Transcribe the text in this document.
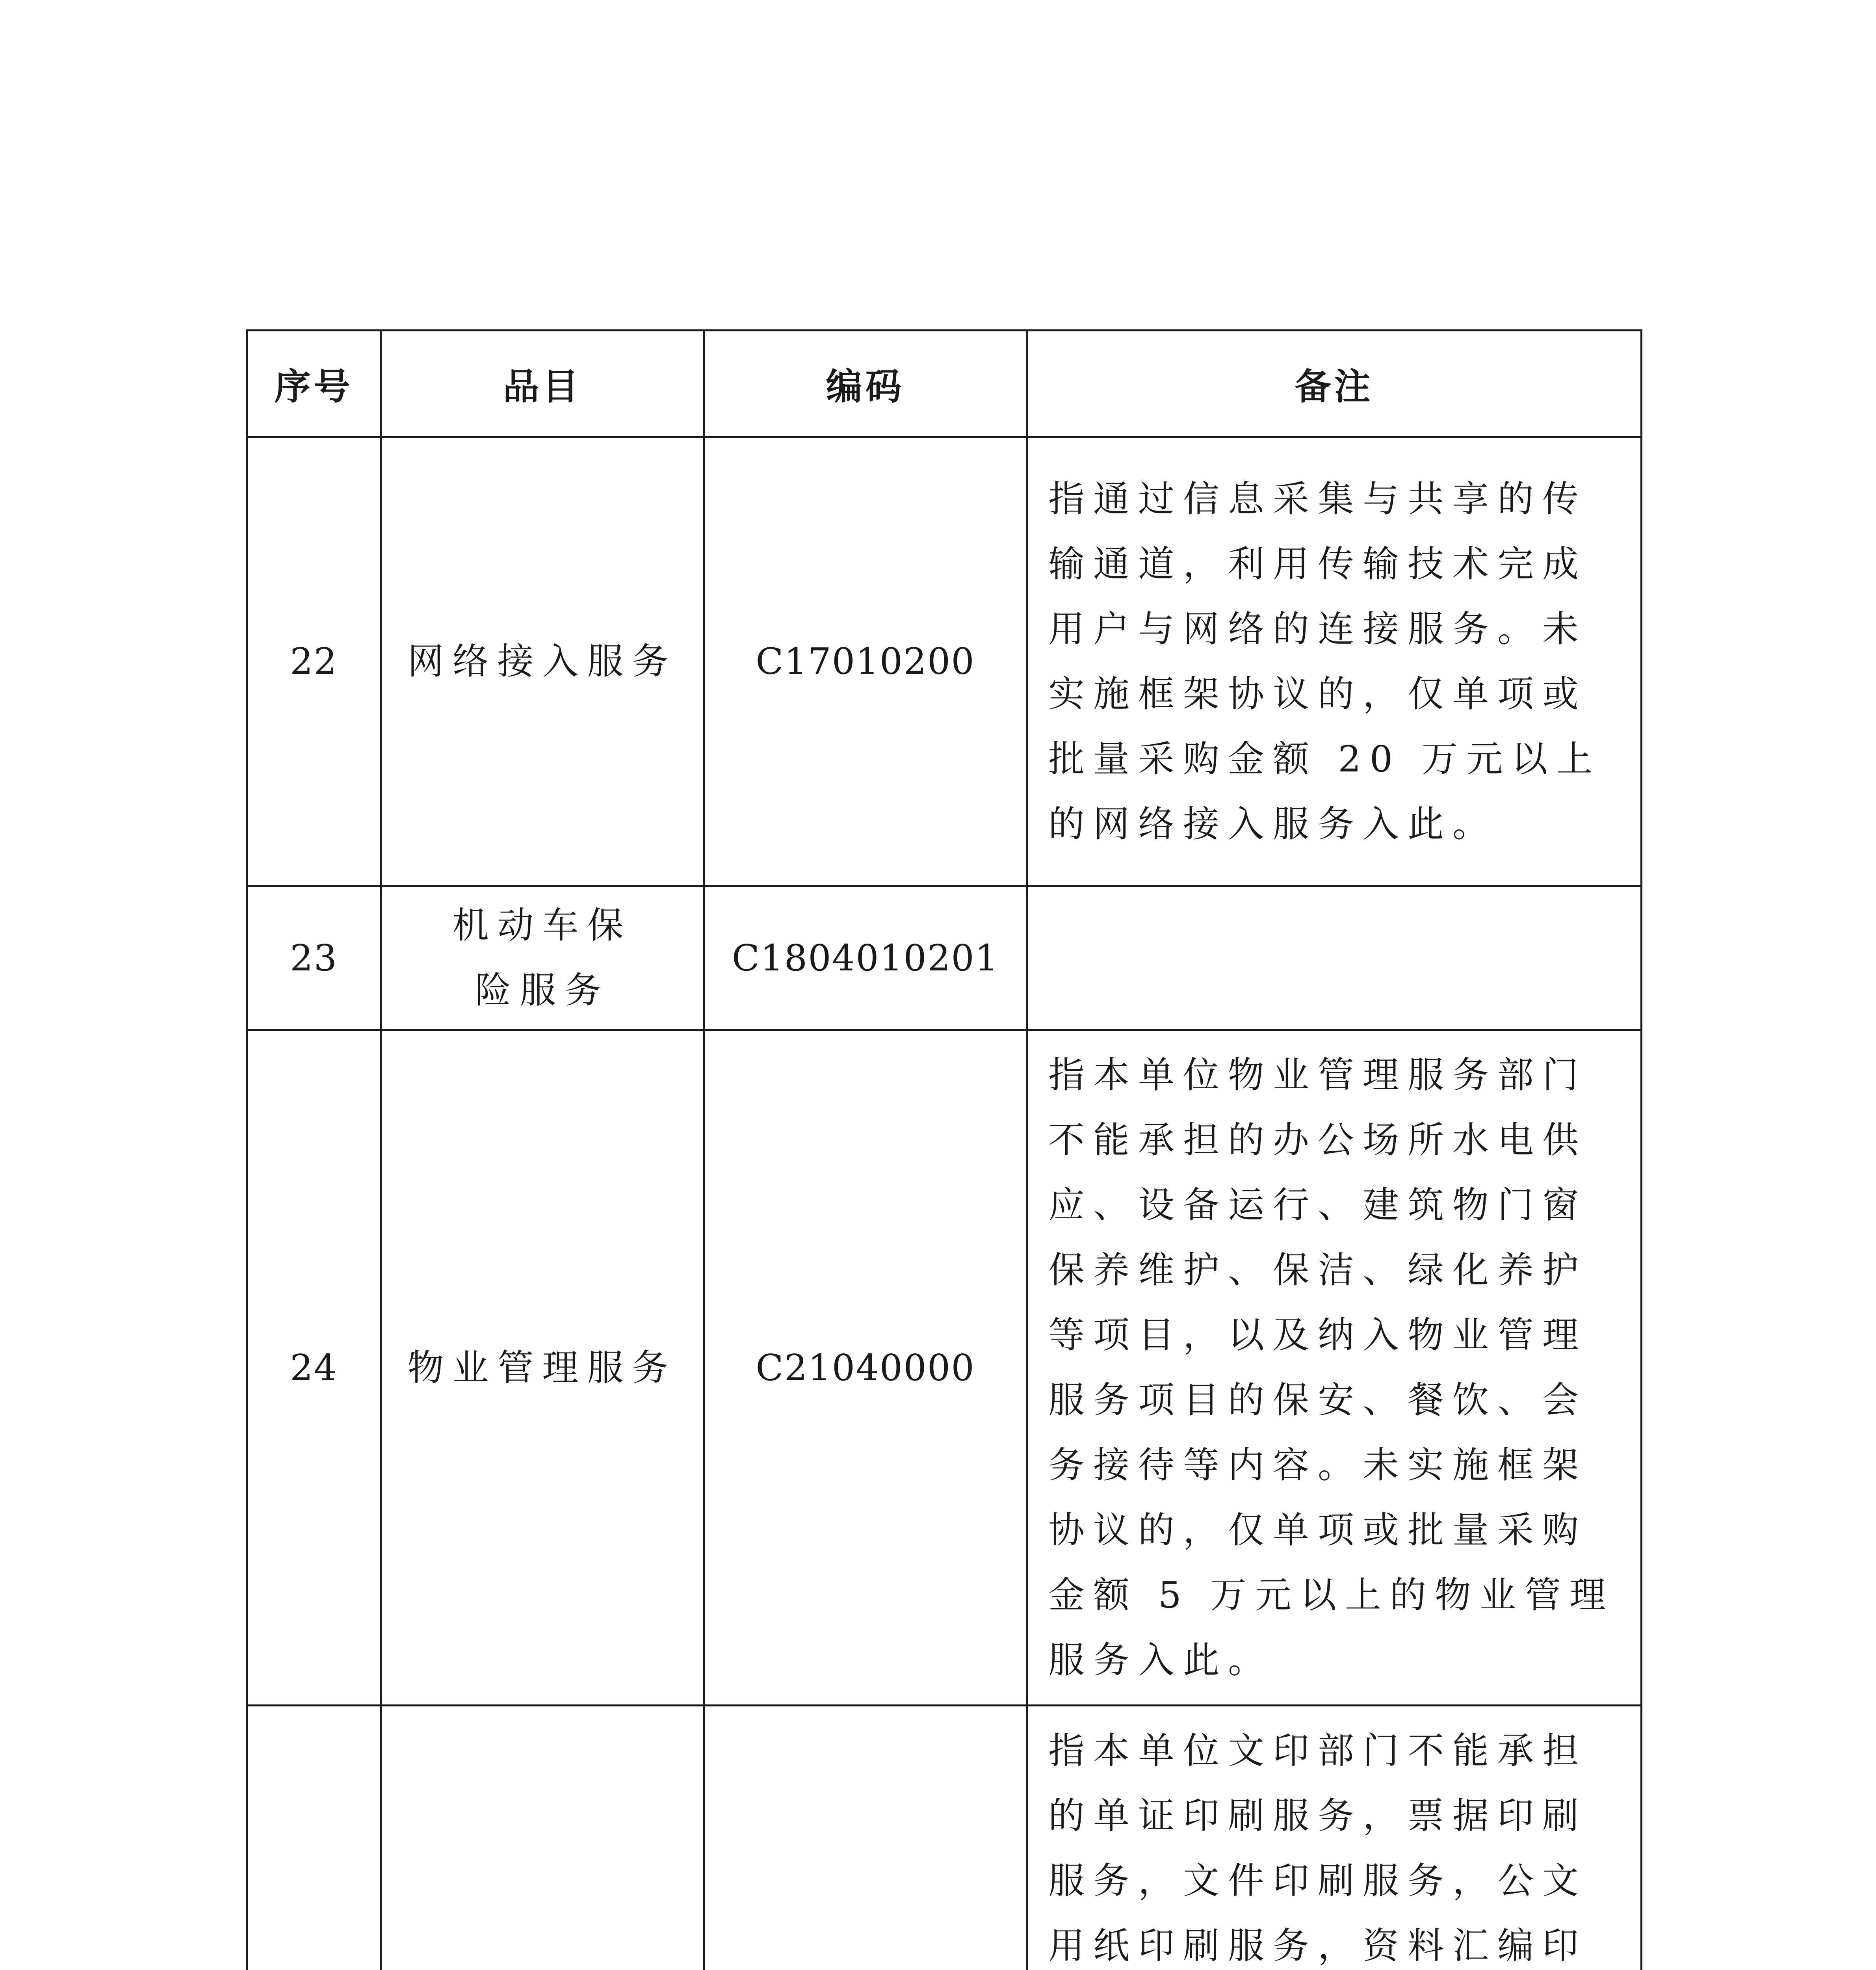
序号	品目	编码	备注
22	网络接入服务	C17010200	指通过信息采集与共享的传输通道，利用传输技术完成用户与网络的连接服务。未实施框架协议的，仅单项或批量采购金额 20 万元以上的网络接入服务入此。
23	机动车保险服务	C1804010201	
24	物业管理服务	C21040000	指本单位物业管理服务部门不能承担的办公场所水电供应、设备运行、建筑物门窗保养维护、保洁、绿化养护等项目，以及纳入物业管理服务项目的保安、餐饮、会务接待等内容。未实施框架协议的，仅单项或批量采购金额 5 万元以上的物业管理服务入此。
			指本单位文印部门不能承担的单证印刷服务，票据印刷服务，文件印刷服务，公文用纸印刷服务，资料汇编印
